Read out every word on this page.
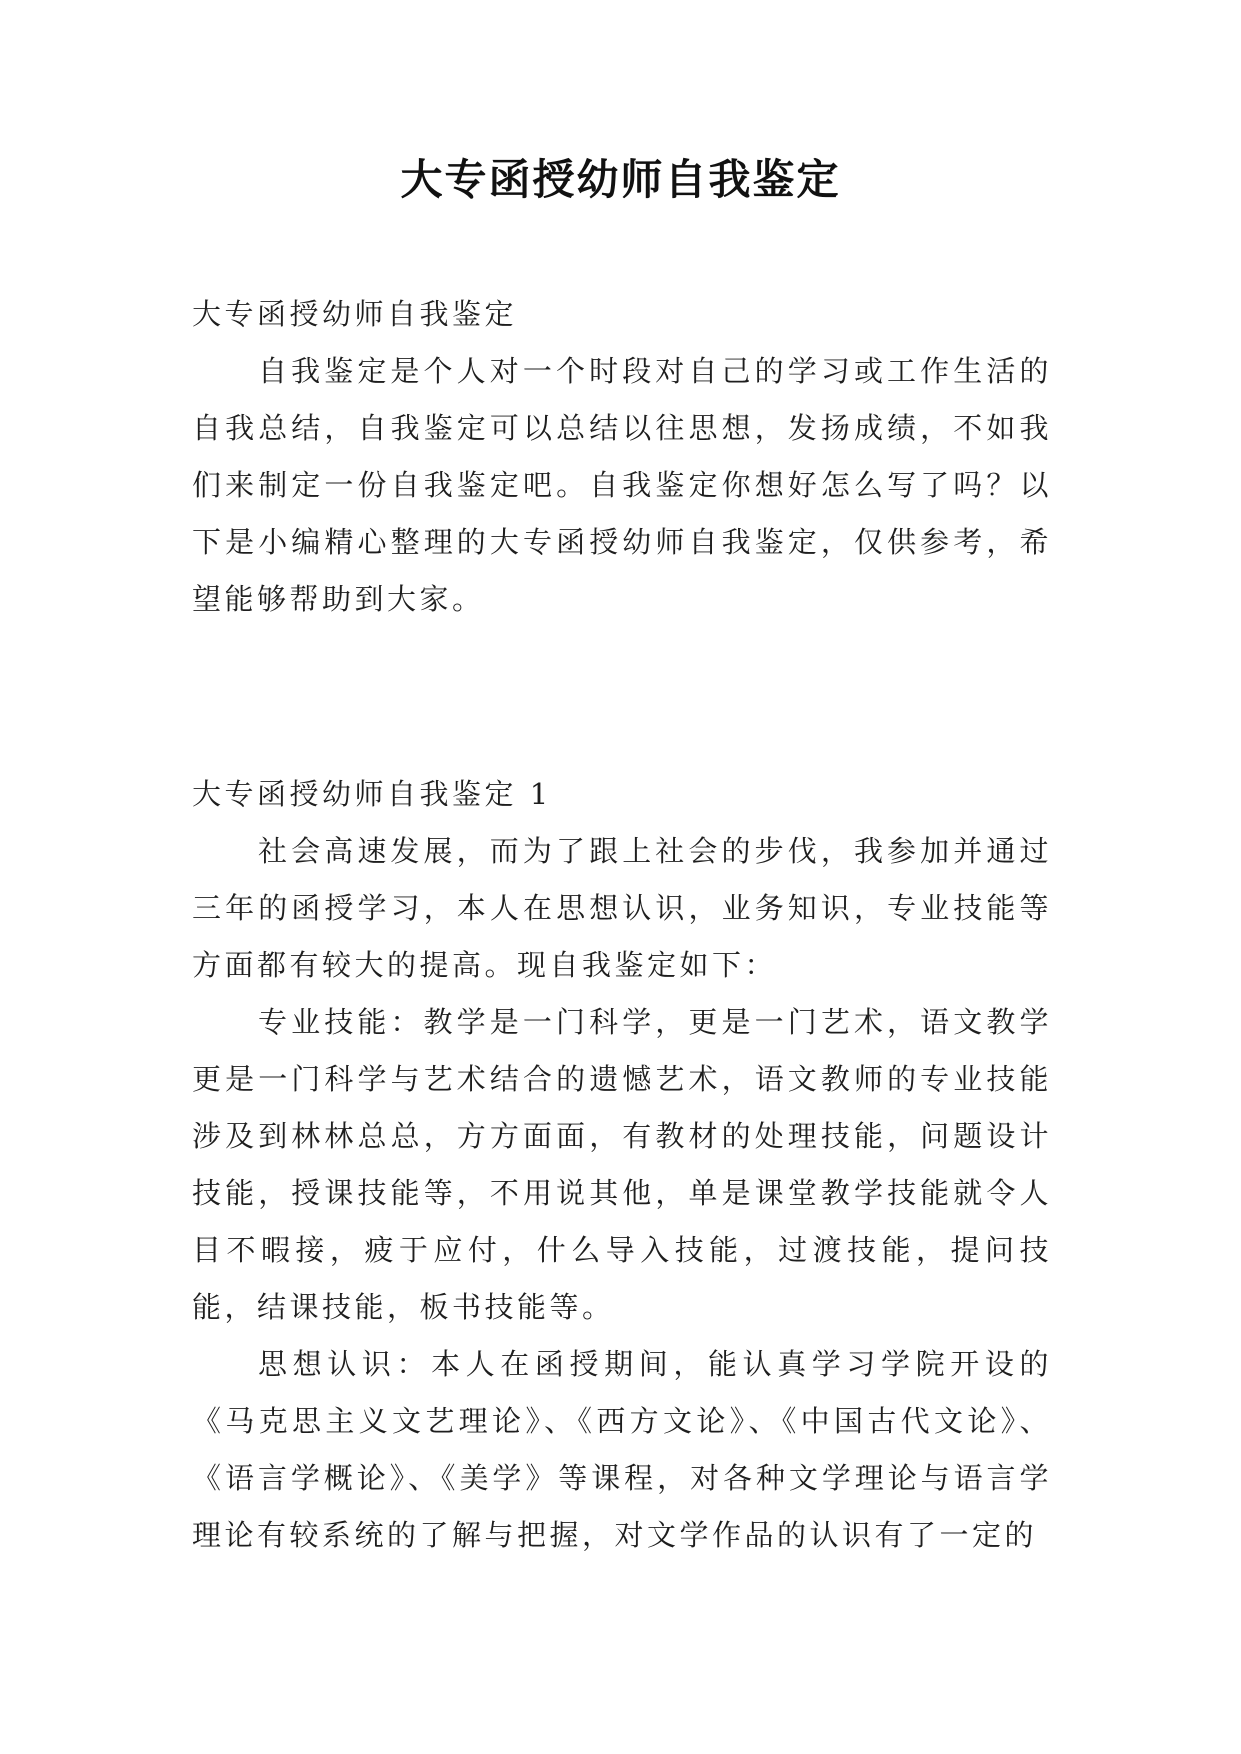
大专函授幼师自我鉴定

大专函授幼师自我鉴定

自我鉴定是个人对一个时段对自己的学习或工作生活的自我总结，自我鉴定可以总结以往思想，发扬成绩，不如我们来制定一份自我鉴定吧。自我鉴定你想好怎么写了吗？以下是小编精心整理的大专函授幼师自我鉴定，仅供参考，希望能够帮助到大家。

大专函授幼师自我鉴定 1

社会高速发展，而为了跟上社会的步伐，我参加并通过三年的函授学习，本人在思想认识，业务知识，专业技能等方面都有较大的提高。现自我鉴定如下：

专业技能：教学是一门科学，更是一门艺术，语文教学更是一门科学与艺术结合的遗憾艺术，语文教师的专业技能涉及到林林总总，方方面面，有教材的处理技能，问题设计技能，授课技能等，不用说其他，单是课堂教学技能就令人目不暇接，疲于应付，什么导入技能，过渡技能，提问技能，结课技能，板书技能等。

思想认识：本人在函授期间，能认真学习学院开设的《马克思主义文艺理论》、《西方文论》、《中国古代文论》、《语言学概论》、《美学》等课程，对各种文学理论与语言学理论有较系统的了解与把握，对文学作品的认识有了一定的
